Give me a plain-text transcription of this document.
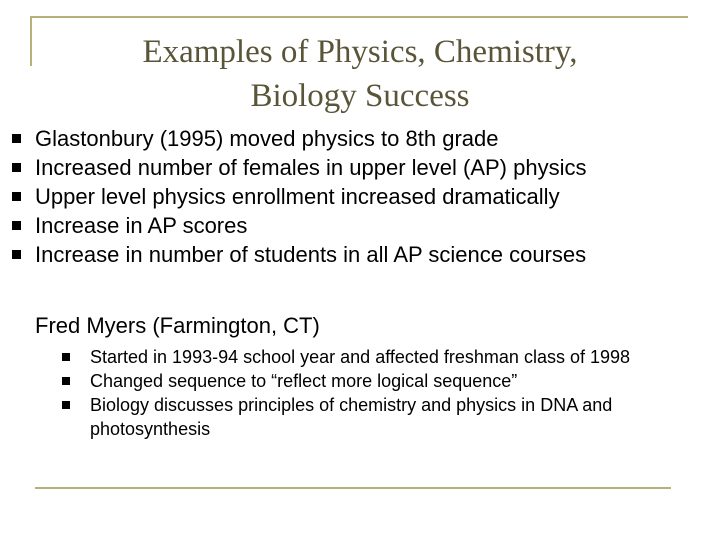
Examples of Physics, Chemistry,
Biology Success
Glastonbury (1995) moved physics to 8th grade
Increased number of females in upper level (AP) physics
Upper level physics enrollment increased dramatically
Increase in AP scores
Increase in number of students in all AP science courses
Fred Myers (Farmington, CT)
Started in 1993-94 school year and affected freshman class of 1998
Changed sequence to “reflect more logical sequence”
Biology discusses principles of chemistry and physics in DNA and photosynthesis
